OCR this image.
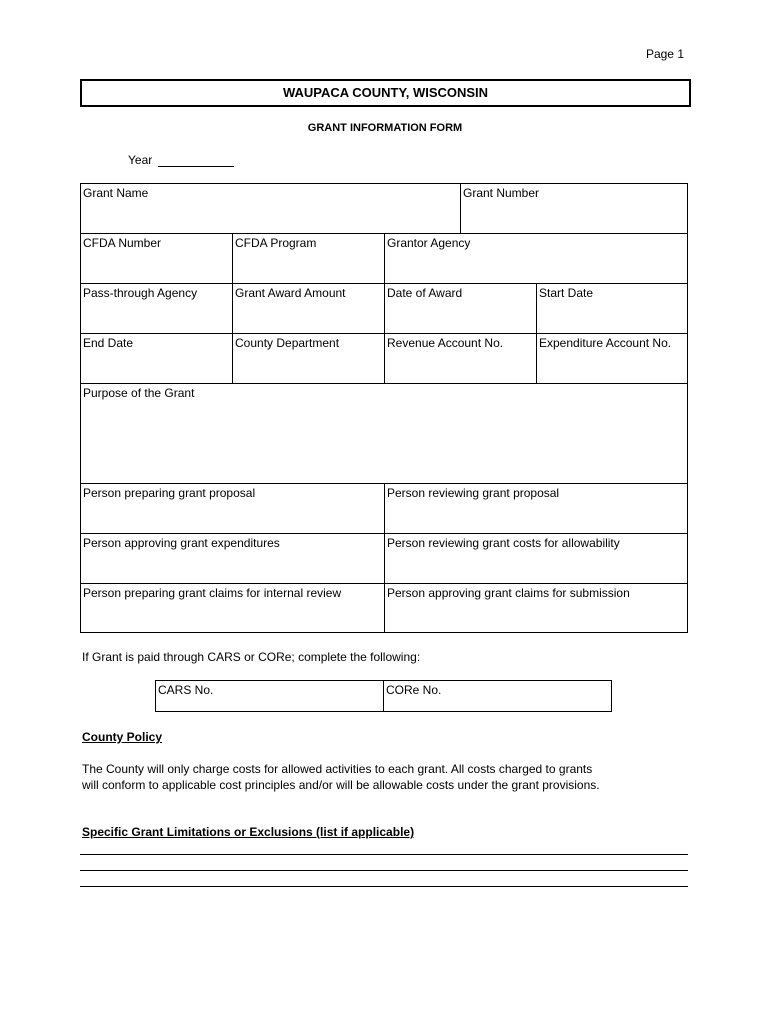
Page 1
WAUPACA COUNTY, WISCONSIN
GRANT INFORMATION FORM
Year
Grant Name	Grant Number
CFDA Number	CFDA Program	Grantor Agency
Pass-through Agency	Grant Award Amount	Date of Award	Start Date
End Date	County Department	Revenue Account No.	Expenditure Account No.
Purpose of the Grant
Person preparing grant proposal	Person reviewing grant proposal
Person approving grant expenditures	Person reviewing grant costs for allowability
Person preparing grant claims for internal review	Person approving grant claims for submission
If Grant is paid through CARS or CORe; complete the following:
CARS No.	CORe No.
County Policy
The County will only charge costs for allowed activities to each grant. All costs charged to grants will conform to applicable cost principles and/or will be allowable costs under the grant provisions.
Specific Grant Limitations or Exclusions (list if applicable)
